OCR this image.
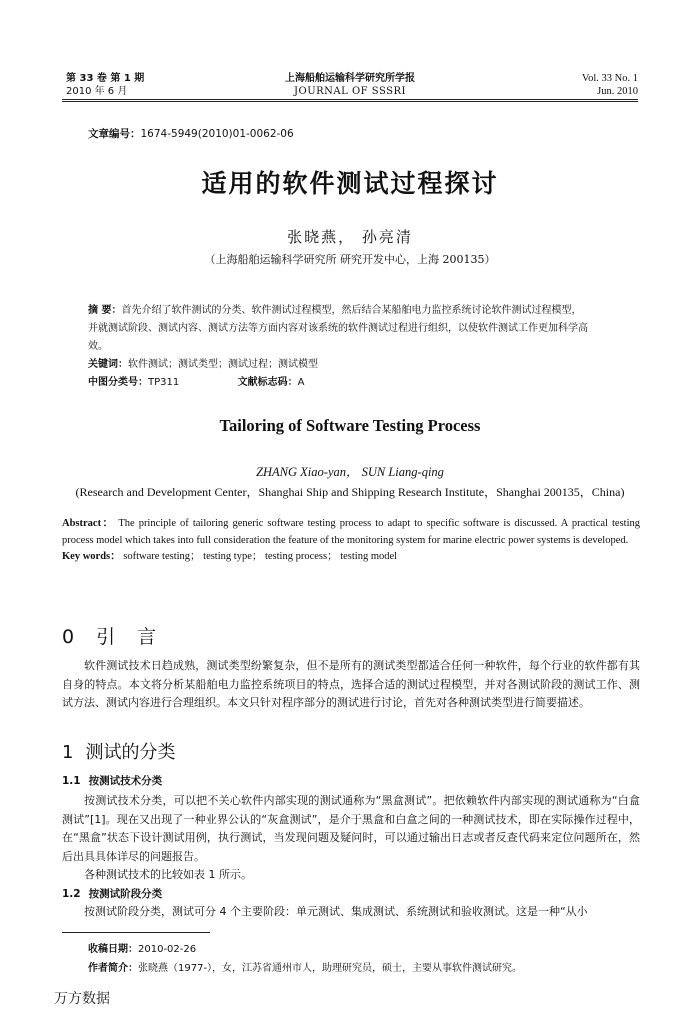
第 33 卷 第 1 期
2010 年 6 月
上海船舶运输科学研究所学报
JOURNAL OF SSSRI
Vol. 33 No. 1
Jun. 2010
文章编号：1674-5949(2010)01-0062-06
适用的软件测试过程探讨
张晓燕， 孙亮清
（上海船舶运输科学研究所 研究开发中心，上海 200135）
摘 要：首先介绍了软件测试的分类、软件测试过程模型，然后结合某船舶电力监控系统讨论软件测试过程模型，
并就测试阶段、测试内容、测试方法等方面内容对该系统的软件测试过程进行组织，以使软件测试工作更加科学高
效。
关键词：软件测试；测试类型；测试过程；测试模型
中图分类号：TP311	文献标志码：A
Tailoring of Software Testing Process
ZHANG Xiao-yan， SUN Liang-qing
(Research and Development Center，Shanghai Ship and Shipping Research Institute，Shanghai 200135，China)
Abstract： The principle of tailoring generic software testing process to adapt to specific software is discussed. A practical testing process model which takes into full consideration the feature of the monitoring system for marine electric power systems is developed.
Key words： software testing； testing type； testing process； testing model
0 引 言

软件测试技术日趋成熟，测试类型纷繁复杂，但不是所有的测试类型都适合任何一种软件，每个行业的软件都有其自身的特点。本文将分析某船舶电力监控系统项目的特点，选择合适的测试过程模型，并对各测试阶段的测试工作、测试方法、测试内容进行合理组织。本文只针对程序部分的测试进行讨论，首先对各种测试类型进行简要描述。

1 测试的分类
1.1 按测试技术分类

按测试技术分类，可以把不关心软件内部实现的测试通称为“黑盒测试”。把依赖软件内部实现的测试通称为“白盒测试”[1]。现在又出现了一种业界公认的“灰盒测试”，是介于黑盒和白盒之间的一种测试技术，即在实际操作过程中，在“黑盒”状态下设计测试用例，执行测试，当发现问题及疑问时，可以通过输出日志或者反查代码来定位问题所在，然后出具具体详尽的问题报告。

各种测试技术的比较如表 1 所示。

1.2 按测试阶段分类

按测试阶段分类，测试可分 4 个主要阶段：单元测试、集成测试、系统测试和验收测试。这是一种“从小

收稿日期：2010-02-26
作者简介：张晓燕（1977-），女，江苏省通州市人，助理研究员，硕士，主要从事软件测试研究。
万方数据
